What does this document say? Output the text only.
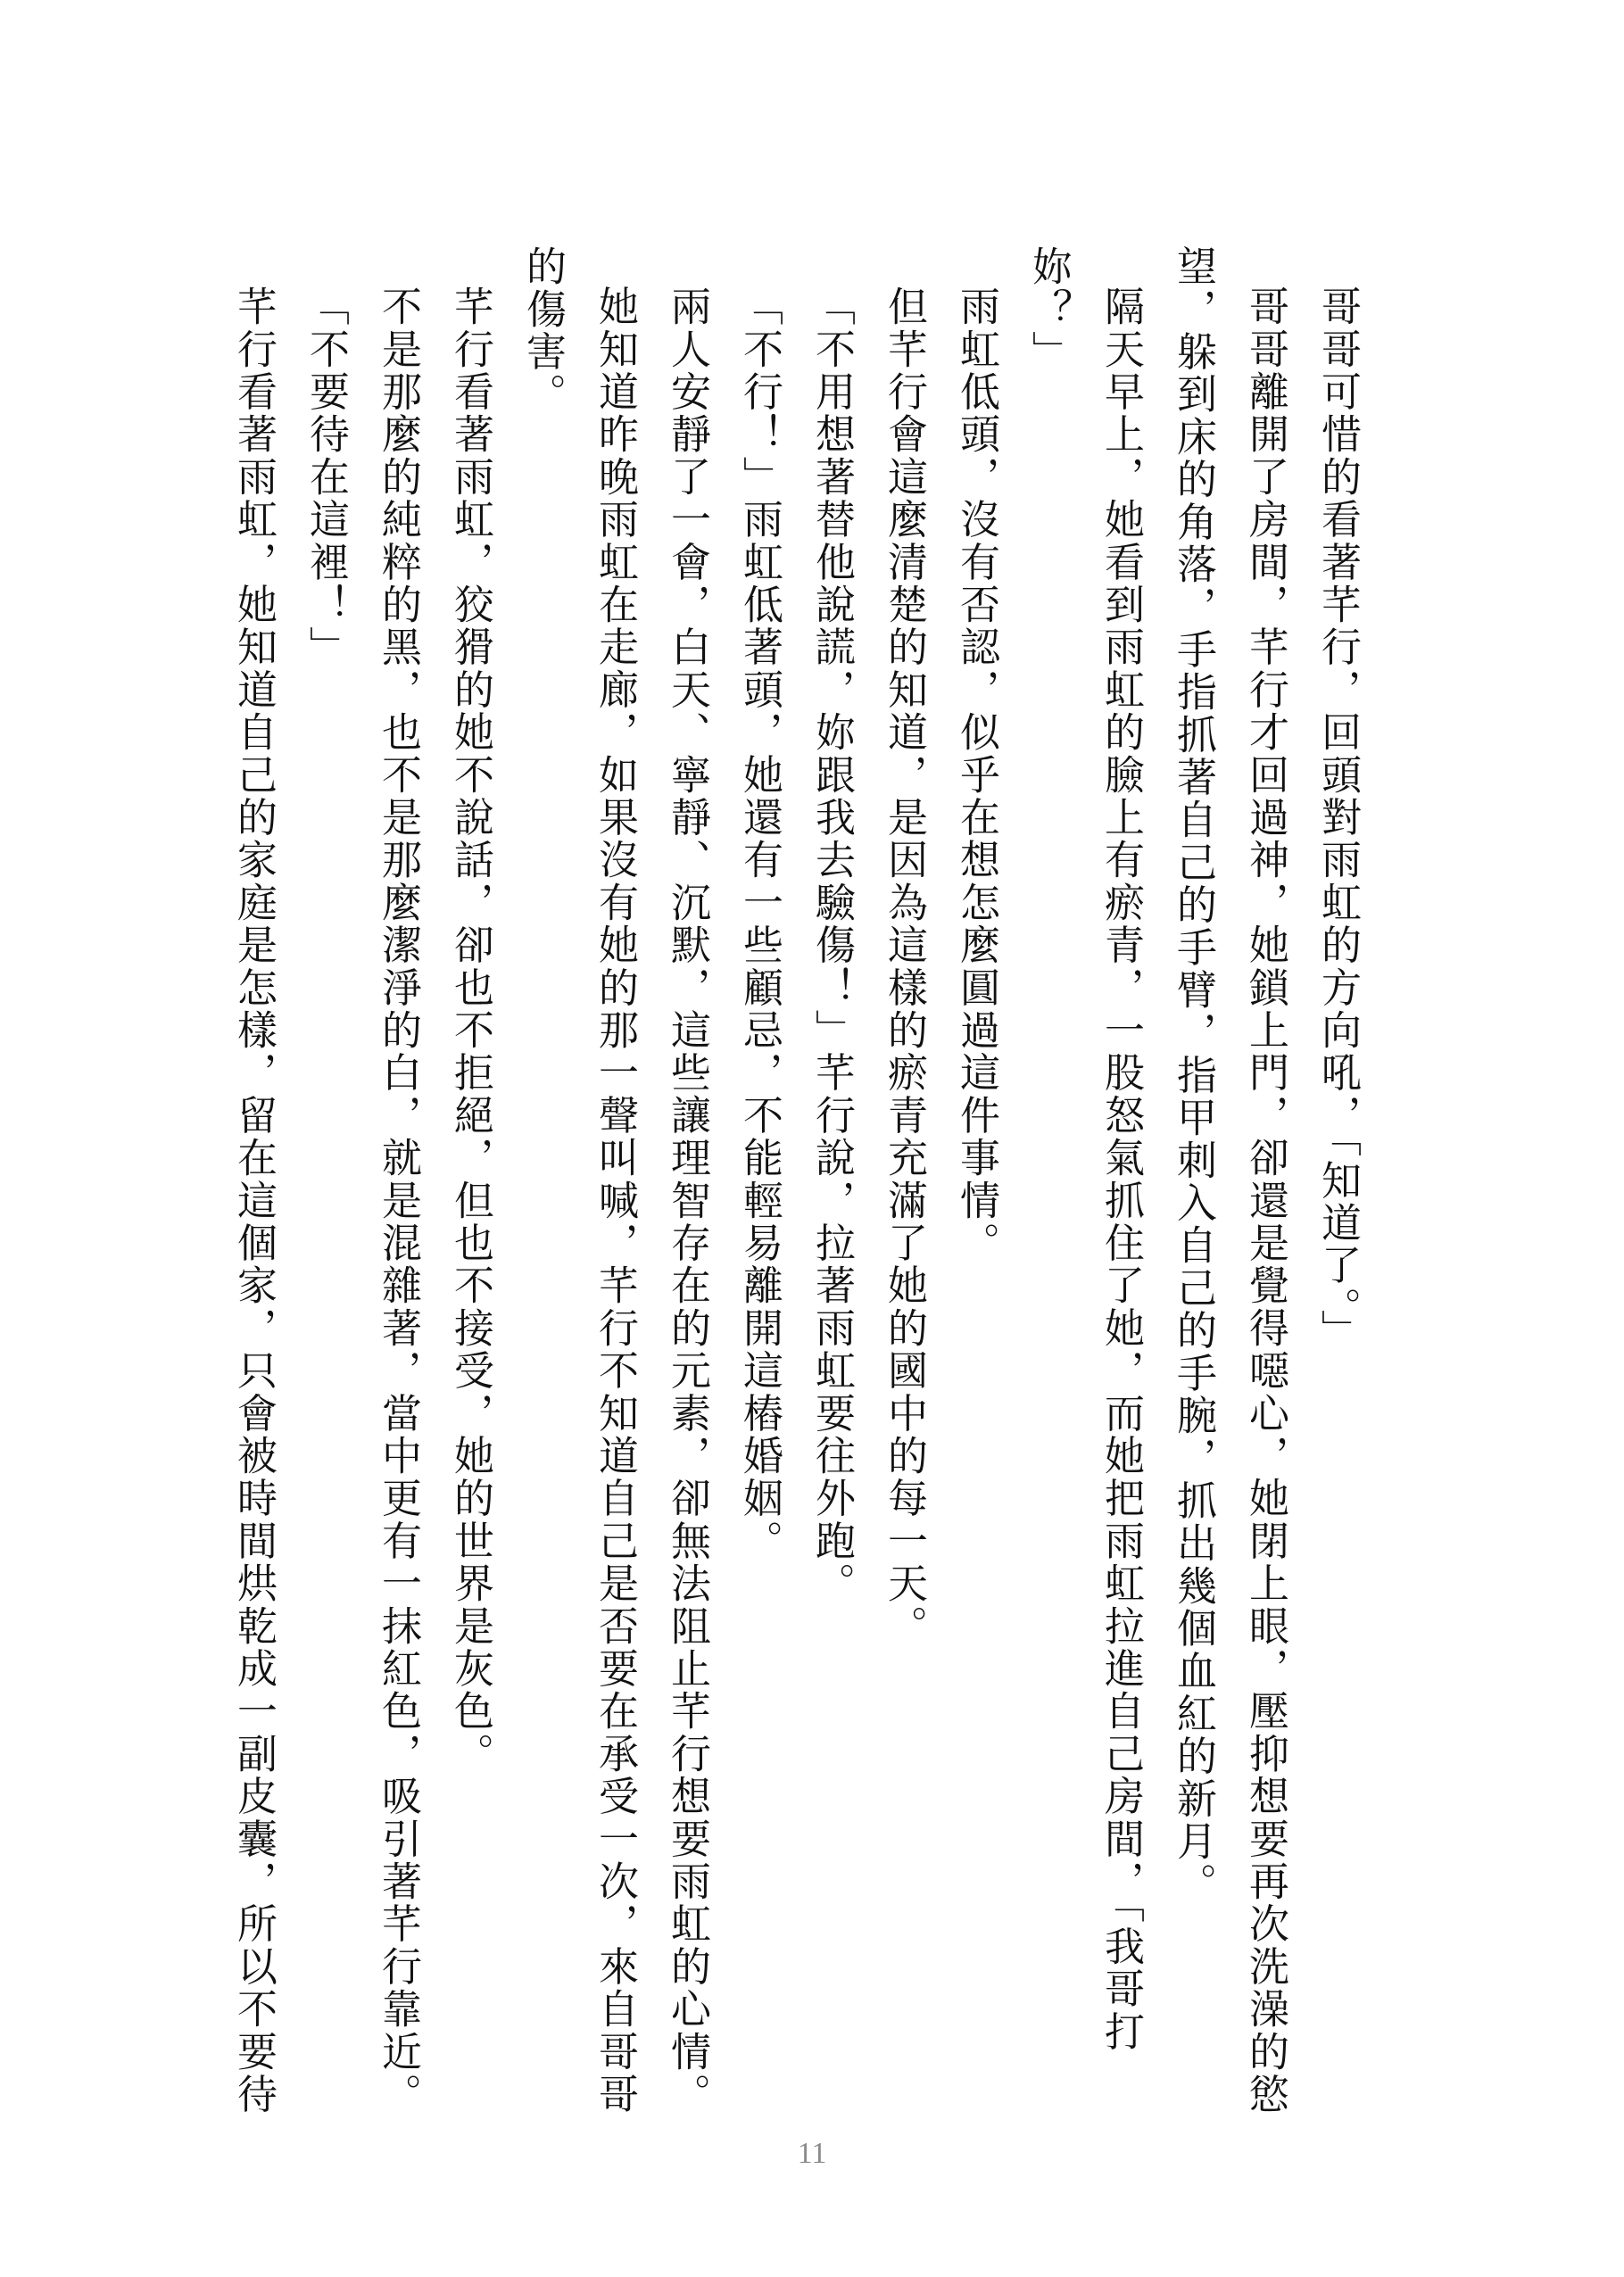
哥哥可惜的看著芊行，回頭對雨虹的方向吼，「知道了。」

哥哥離開了房間，芊行才回過神，她鎖上門，卻還是覺得噁心，她閉上眼，壓抑想要再次洗澡的慾望，躲到床的角落，手指抓著自己的手臂，指甲刺入自己的手腕，抓出幾個血紅的新月。

隔天早上，她看到雨虹的臉上有瘀青，一股怒氣抓住了她，而她把雨虹拉進自己房間，「我哥打妳？」

雨虹低頭，沒有否認，似乎在想怎麼圓過這件事情。

但芊行會這麼清楚的知道，是因為這樣的瘀青充滿了她的國中的每一天。

「不用想著替他說謊，妳跟我去驗傷！」芊行說，拉著雨虹要往外跑。

「不行！」雨虹低著頭，她還有一些顧忌，不能輕易離開這樁婚姻。

兩人安靜了一會，白天、寧靜、沉默，這些讓理智存在的元素，卻無法阻止芊行想要雨虹的心情。

她知道昨晚雨虹在走廊，如果沒有她的那一聲叫喊，芊行不知道自己是否要在承受一次，來自哥哥的傷害。

芊行看著雨虹，狡猾的她不說話，卻也不拒絕，但也不接受，她的世界是灰色。

不是那麼的純粹的黑，也不是那麼潔淨的白，就是混雜著，當中更有一抹紅色，吸引著芊行靠近。

「不要待在這裡！」

芊行看著雨虹，她知道自己的家庭是怎樣，留在這個家，只會被時間烘乾成一副皮囊，所以不要待

11
